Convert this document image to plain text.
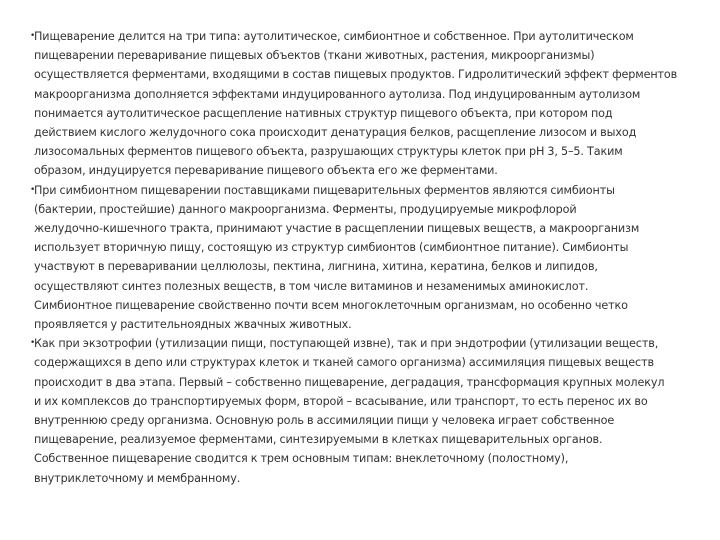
•
Пищеварение делится на три типа: аутолитическое, симбионтное и собственное. При аутолитическом
пищеварении переваривание пищевых объектов (ткани животных, растения, микроорганизмы)
осуществляется ферментами, входящими в состав пищевых продуктов. Гидролитический эффект ферментов
макроорганизма дополняется эффектами индуцированного аутолиза. Под индуцированным аутолизом
понимается аутолитическое расщепление нативных структур пищевого объекта, при котором под
действием кислого желудочного сока происходит денатурация белков, расщепление лизосом и выход
лизосомальных ферментов пищевого объекта, разрушающих структуры клеток при pH 3, 5–5. Таким
образом, индуцируется переваривание пищевого объекта его же ферментами.
•
При симбионтном пищеварении поставщиками пищеварительных ферментов являются симбионты
(бактерии, простейшие) данного макроорганизма. Ферменты, продуцируемые микрофлорой
желудочно-кишечного тракта, принимают участие в расщеплении пищевых веществ, а макроорганизм
использует вторичную пищу, состоящую из структур симбионтов (симбионтное питание). Симбионты
участвуют в переваривании целлюлозы, пектина, лигнина, хитина, кератина, белков и липидов,
осуществляют синтез полезных веществ, в том числе витаминов и незаменимых аминокислот.
Симбионтное пищеварение свойственно почти всем многоклеточным организмам, но особенно четко
проявляется у растительноядных жвачных животных.
•
Как при экзотрофии (утилизации пищи, поступающей извне), так и при эндотрофии (утилизации веществ,
содержащихся в депо или структурах клеток и тканей самого организма) ассимиляция пищевых веществ
происходит в два этапа. Первый – собственно пищеварение, деградация, трансформация крупных молекул
и их комплексов до транспортируемых форм, второй – всасывание, или транспорт, то есть перенос их во
внутреннюю среду организма. Основную роль в ассимиляции пищи у человека играет собственное
пищеварение, реализуемое ферментами, синтезируемыми в клетках пищеварительных органов.
Собственное пищеварение сводится к трем основным типам: внеклеточному (полостному),
внутриклеточному и мембранному.
